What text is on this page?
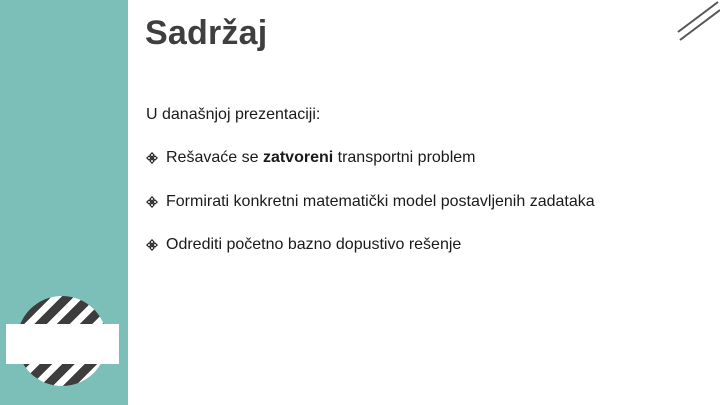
Sadržaj

U današnjoj prezentaciji:

Rešavaće se zatvoreni transportni problem
Formirati konkretni matematički model postavljenih zadataka
Odrediti početno bazno dopustivo rešenje
